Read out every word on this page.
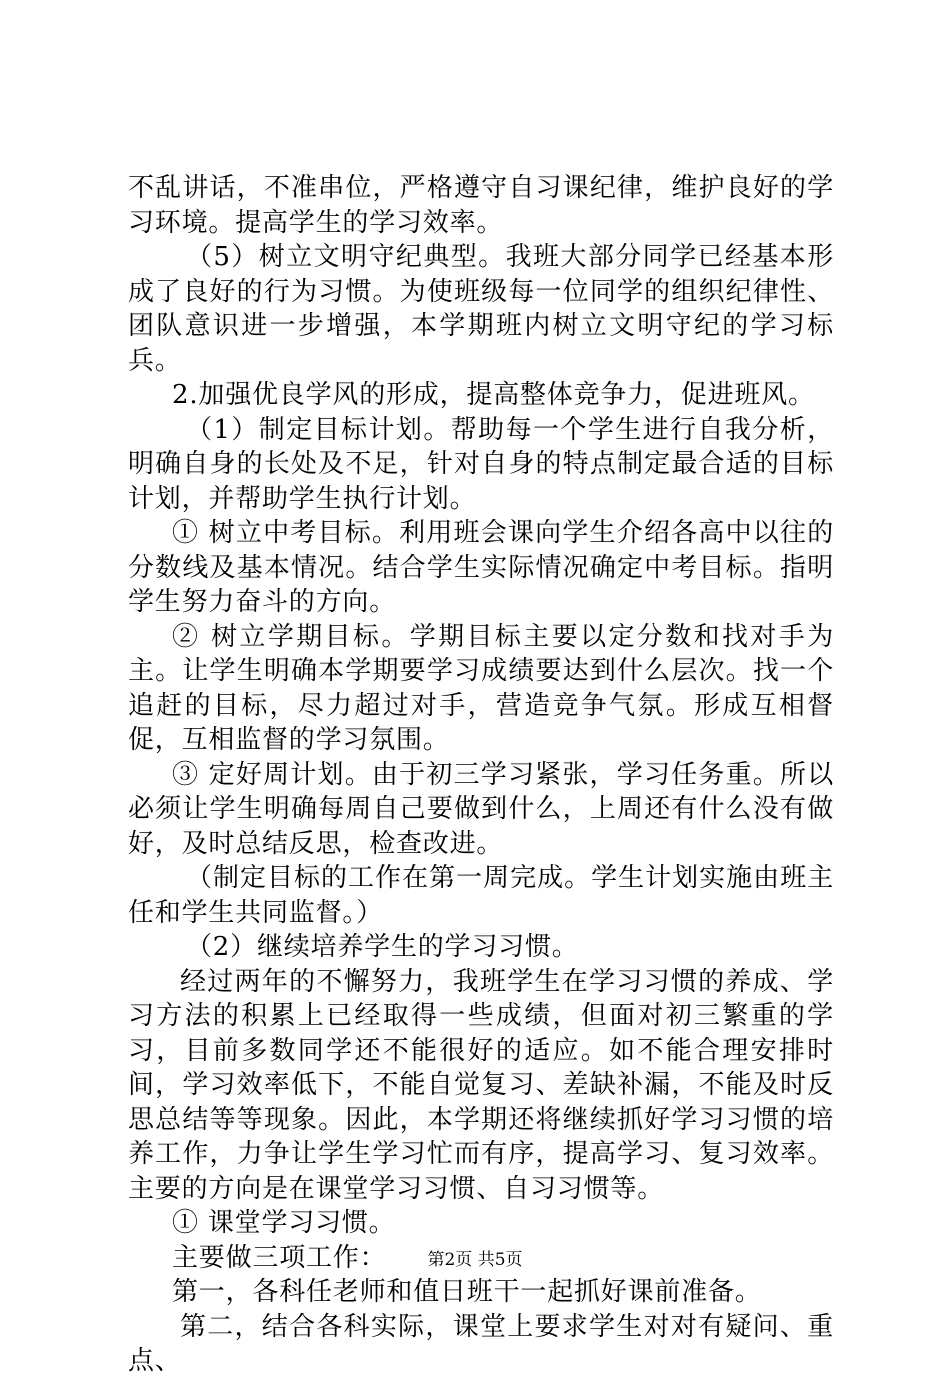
不乱讲话，不准串位，严格遵守自习课纪律，维护良好的学习环境。提高学生的学习效率。

（5）树立文明守纪典型。我班大部分同学已经基本形成了良好的行为习惯。为使班级每一位同学的组织纪律性、团队意识进一步增强，本学期班内树立文明守纪的学习标兵。

2.加强优良学风的形成，提高整体竞争力，促进班风。

（1）制定目标计划。帮助每一个学生进行自我分析，明确自身的长处及不足，针对自身的特点制定最合适的目标计划，并帮助学生执行计划。

① 树立中考目标。利用班会课向学生介绍各高中以往的分数线及基本情况。结合学生实际情况确定中考目标。指明学生努力奋斗的方向。

② 树立学期目标。学期目标主要以定分数和找对手为主。让学生明确本学期要学习成绩要达到什么层次。找一个追赶的目标，尽力超过对手，营造竞争气氛。形成互相督促，互相监督的学习氛围。

③ 定好周计划。由于初三学习紧张，学习任务重。所以必须让学生明确每周自己要做到什么，上周还有什么没有做好，及时总结反思，检查改进。

（制定目标的工作在第一周完成。学生计划实施由班主任和学生共同监督。）

（2）继续培养学生的学习习惯。

经过两年的不懈努力，我班学生在学习习惯的养成、学习方法的积累上已经取得一些成绩，但面对初三繁重的学习，目前多数同学还不能很好的适应。如不能合理安排时间，学习效率低下，不能自觉复习、差缺补漏，不能及时反思总结等等现象。因此，本学期还将继续抓好学习习惯的培养工作，力争让学生学习忙而有序，提高学习、复习效率。主要的方向是在课堂学习习惯、自习习惯等。

① 课堂学习习惯。

主要做三项工作：

第一，各科任老师和值日班干一起抓好课前准备。

第二，结合各科实际，课堂上要求学生对对有疑问、重点、

第2页 共5页
